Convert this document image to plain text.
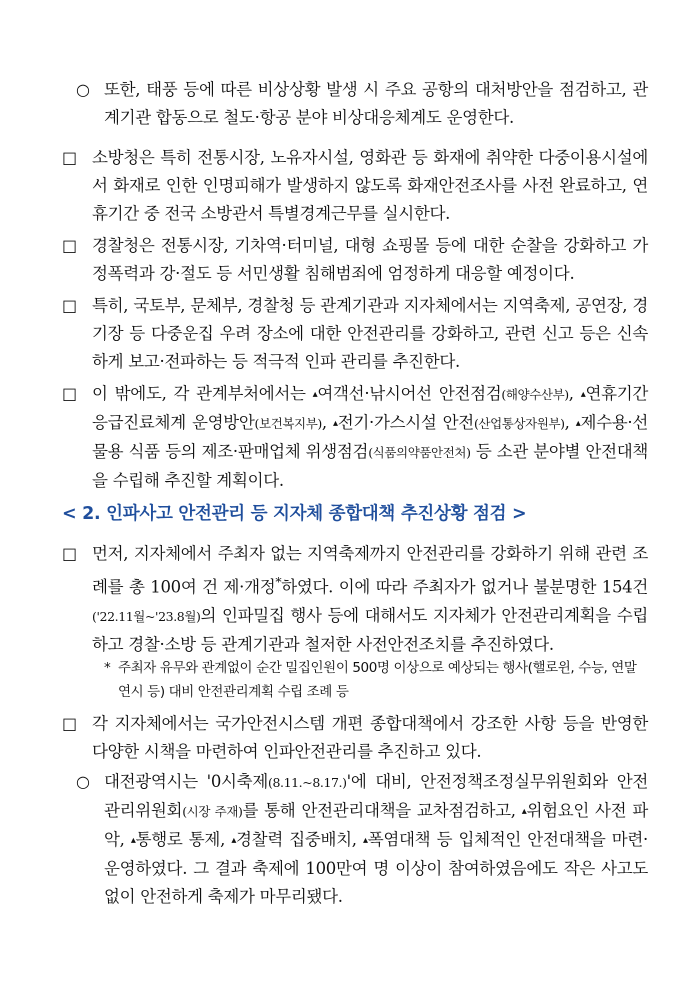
○ 또한, 태풍 등에 따른 비상상황 발생 시 주요 공항의 대처방안을 점검하고, 관계기관 합동으로 철도·항공 분야 비상대응체계도 운영한다.
□ 소방청은 특히 전통시장, 노유자시설, 영화관 등 화재에 취약한 다중이용시설에서 화재로 인한 인명피해가 발생하지 않도록 화재안전조사를 사전 완료하고, 연휴기간 중 전국 소방관서 특별경계근무를 실시한다.
□ 경찰청은 전통시장, 기차역·터미널, 대형 쇼핑몰 등에 대한 순찰을 강화하고 가정폭력과 강·절도 등 서민생활 침해범죄에 엄정하게 대응할 예정이다.
□ 특히, 국토부, 문체부, 경찰청 등 관계기관과 지자체에서는 지역축제, 공연장, 경기장 등 다중운집 우려 장소에 대한 안전관리를 강화하고, 관련 신고 등은 신속하게 보고·전파하는 등 적극적 인파 관리를 추진한다.
□ 이 밖에도, 각 관계부처에서는 ▴여객선·낚시어선 안전점검(해양수산부), ▴연휴기간 응급진료체계 운영방안(보건복지부), ▴전기·가스시설 안전(산업통상자원부), ▴제수용·선물용 식품 등의 제조·판매업체 위생점검(식품의약품안전처) 등 소관 분야별 안전대책을 수립해 추진할 계획이다.
< 2. 인파사고 안전관리 등 지자체 종합대책 추진상황 점검 >
□ 먼저, 지자체에서 주최자 없는 지역축제까지 안전관리를 강화하기 위해 관련 조례를 총 100여 건 제·개정*하였다. 이에 따라 주최자가 없거나 불분명한 154건('22.11월~'23.8월)의 인파밀집 행사 등에 대해서도 지자체가 안전관리계획을 수립하고 경찰·소방 등 관계기관과 철저한 사전안전조치를 추진하였다.
* 주최자 유무와 관계없이 순간 밀집인원이 500명 이상으로 예상되는 행사(핼로윈, 수능, 연말연시 등) 대비 안전관리계획 수립 조례 등
□ 각 지자체에서는 국가안전시스템 개편 종합대책에서 강조한 사항 등을 반영한 다양한 시책을 마련하여 인파안전관리를 추진하고 있다.
○ 대전광역시는 '0시축제(8.11.~8.17.)'에 대비, 안전정책조정실무위원회와 안전관리위원회(시장 주재)를 통해 안전관리대책을 교차점검하고, ▴위험요인 사전 파악, ▴통행로 통제, ▴경찰력 집중배치, ▴폭염대책 등 입체적인 안전대책을 마련·운영하였다. 그 결과 축제에 100만여 명 이상이 참여하였음에도 작은 사고도 없이 안전하게 축제가 마무리됐다.
